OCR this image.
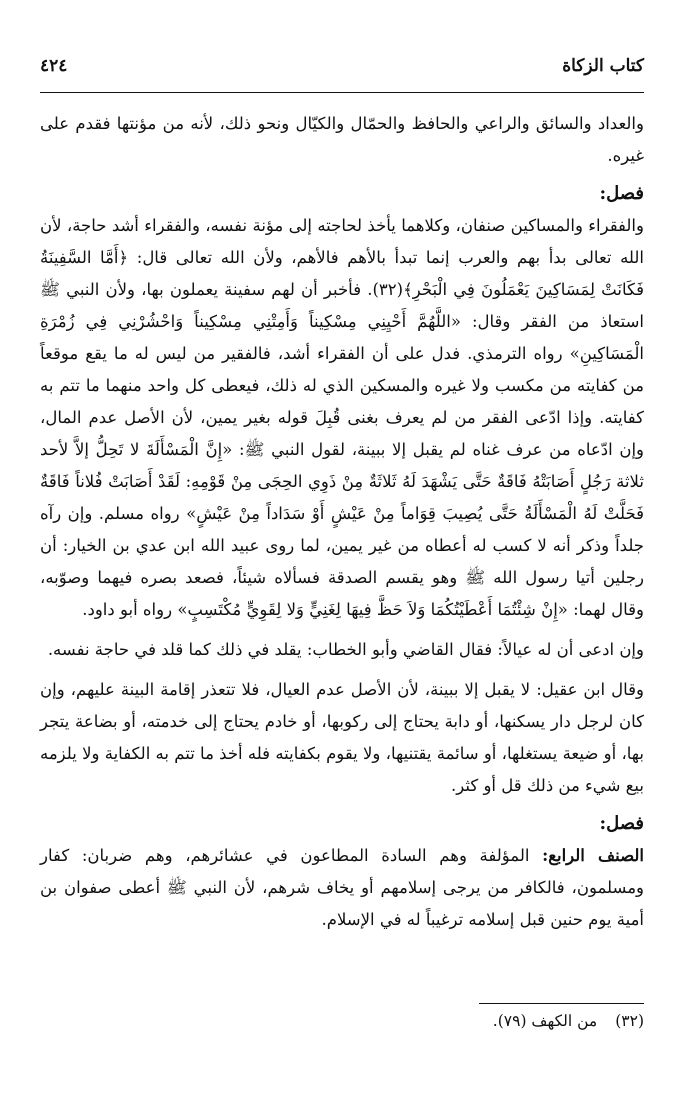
كتاب الزكاة
٤٢٤

والعداد والسائق والراعي والحافظ والحمّال والكيّال ونحو ذلك، لأنه من مؤنتها فقدم على غيره.

فصل:

والفقراء والمساكين صنفان، وكلاهما يأخذ لحاجته إلى مؤنة نفسه، والفقراء أشد حاجة، لأن الله تعالى بدأ بهم والعرب إنما تبدأ بالأهم فالأهم، ولأن الله تعالى قال: ﴿أَمَّا السَّفِينَةُ فَكَانَتْ لِمَسَاكِينَ يَعْمَلُونَ فِي الْبَحْرِ﴾(٣٢). فأخبر أن لهم سفينة يعملون بها، ولأن النبي ﷺ استعاذ من الفقر وقال: «اللَّهُمَّ أَحْيِنِي مِسْكِيناً وَأَمِتْنِي مِسْكِيناً وَاحْشُرْنِي فِي زُمْرَةِ الْمَسَاكِينِ» رواه الترمذي. فدل على أن الفقراء أشد، فالفقير من ليس له ما يقع موقعاً من كفايته من مكسب ولا غيره والمسكين الذي له ذلك، فيعطى كل واحد منهما ما تتم به كفايته. وإذا ادّعى الفقر من لم يعرف بغنى قُبِلَ قوله بغير يمين، لأن الأصل عدم المال، وإن ادّعاه من عرف غناه لم يقبل إلا ببينة، لقول النبي ﷺ: «إِنَّ الْمَسْأَلَةَ لا تَحِلُّ إلاَّ لأحد ثلاثة رَجُلٍ أَصَابَتْهُ فَاقَةٌ حَتَّى يَشْهَدَ لَهُ ثَلاثَةٌ مِنْ ذَوِي الحِجَى مِنْ قَوْمِهِ: لَقَدْ أَصَابَتْ فُلاناً فَاقَةٌ فَحَلَّتْ لَهُ الْمَسْأَلَةُ حَتَّى يُصِيبَ قِوَاماً مِنْ عَيْشٍ أَوْ سَدَاداً مِنْ عَيْشٍ» رواه مسلم. وإن رآه جلداً وذكر أنه لا كسب له أعطاه من غير يمين، لما روى عبيد الله ابن عدي بن الخيار: أن رجلين أتيا رسول الله ﷺ وهو يقسم الصدقة فسألاه شيئاً، فصعد بصره فيهما وصوّبه، وقال لهما: «إِنْ شِئْتُمَا أَعْطَيْتُكُمَا وَلاَ حَظَّ فِيهَا لِغَنِيٍّ وَلا لِقَوِيٍّ مُكْتَسِبٍ» رواه أبو داود.

وإن ادعى أن له عيالاً: فقال القاضي وأبو الخطاب: يقلد في ذلك كما قلد في حاجة نفسه.

وقال ابن عقيل: لا يقبل إلا ببينة، لأن الأصل عدم العيال، فلا تتعذر إقامة البينة عليهم، وإن كان لرجل دار يسكنها، أو دابة يحتاج إلى ركوبها، أو خادم يحتاج إلى خدمته، أو بضاعة يتجر بها، أو ضيعة يستغلها، أو سائمة يقتنيها، ولا يقوم بكفايته فله أخذ ما تتم به الكفاية ولا يلزمه بيع شيء من ذلك قل أو كثر.

فصل:

الصنف الرابع: المؤلفة وهم السادة المطاعون في عشائرهم، وهم ضربان: كفار ومسلمون، فالكافر من يرجى إسلامهم أو يخاف شرهم، لأن النبي ﷺ أعطى صفوان بن أمية يوم حنين قبل إسلامه ترغيباً له في الإسلام.

(٣٢)
من الكهف (٧٩).
